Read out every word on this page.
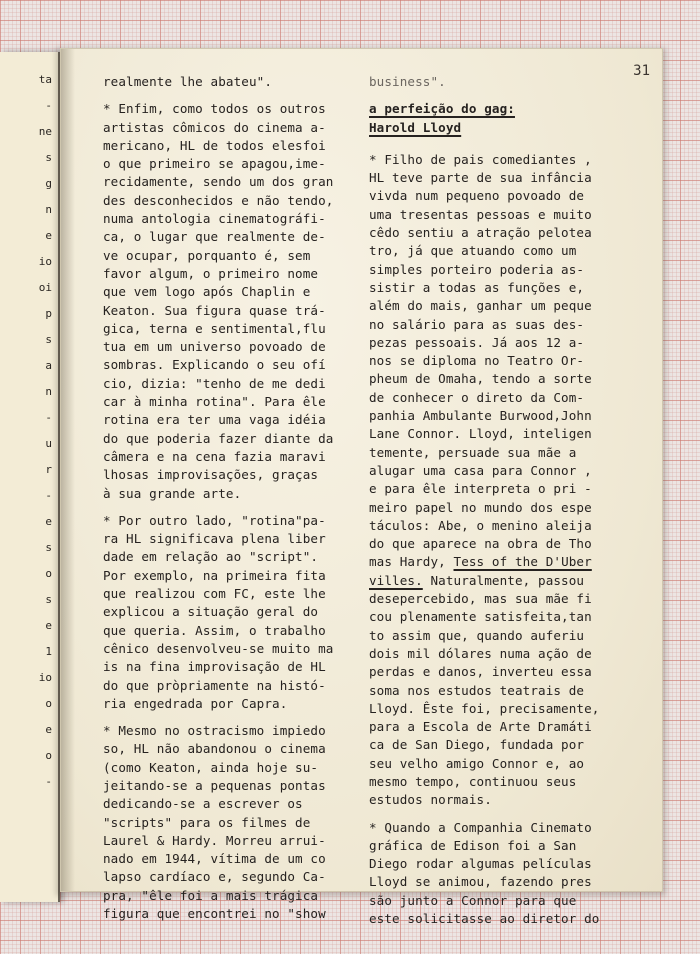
ta
-
ne
s
g
n
e
io
oi
p
s
a
n
-
u
r
-
e
s
o
s
e
1
io
o
e
o
-
31

realmente lhe abateu".

* Enfim, como todos os outros
artistas cômicos do cinema a-
mericano, HL de todos elesfoi
o que primeiro se apagou,ime-
recidamente, sendo um dos gran
des desconhecidos e não tendo,
numa antologia cinematográfi-
ca, o lugar que realmente de-
ve ocupar, porquanto é, sem
favor algum, o primeiro nome
que vem logo após Chaplin e
Keaton. Sua figura quase trá-
gica, terna e sentimental,flu
tua em um universo povoado de
sombras. Explicando o seu ofí
cio, dizia: "tenho de me dedi
car à minha rotina". Para êle
rotina era ter uma vaga idéia
do que poderia fazer diante da
câmera e na cena fazia maravi
lhosas improvisações, graças
à sua grande arte.

* Por outro lado, "rotina"pa-
ra HL significava plena liber
dade em relação ao "script".
Por exemplo, na primeira fita
que realizou com FC, este lhe
explicou a situação geral do
que queria. Assim, o trabalho
cênico desenvolveu-se muito ma
is na fina improvisação de HL
do que pròpriamente na histó-
ria engedrada por Capra.

* Mesmo no ostracismo impiedo
so, HL não abandonou o cinema
(como Keaton, ainda hoje su-
jeitando-se a pequenas pontas
dedicando-se a escrever os
"scripts" para os filmes de
Laurel & Hardy. Morreu arrui-
nado em 1944, vítima de um co
lapso cardíaco e, segundo Ca-
pra, "êle foi a mais trágica
figura que encontrei no "show

business".

a perfeição do gag:
Harold Lloyd

* Filho de pais comediantes ,
HL teve parte de sua infância
vivda num pequeno povoado de
uma tresentas pessoas e muito
cêdo sentiu a atração pelotea
tro, já que atuando como um
simples porteiro poderia as-
sistir a todas as funções e,
além do mais, ganhar um peque
no salário para as suas des-
pezas pessoais. Já aos 12 a-
nos se diploma no Teatro Or-
pheum de Omaha, tendo a sorte
de conhecer o direto da Com-
panhia Ambulante Burwood,John
Lane Connor. Lloyd, inteligen
temente, persuade sua mãe a
alugar uma casa para Connor ,
e para êle interpreta o pri -
meiro papel no mundo dos espe
táculos: Abe, o menino aleija
do que aparece na obra de Tho
mas Hardy, Tess of the D'Uber
villes. Naturalmente, passou
desepercebido, mas sua mãe fi
cou plenamente satisfeita,tan
to assim que, quando auferiu
dois mil dólares numa ação de
perdas e danos, inverteu essa
soma nos estudos teatrais de
Lloyd. Êste foi, precisamente,
para a Escola de Arte Dramáti
ca de San Diego, fundada por
seu velho amigo Connor e, ao
mesmo tempo, continuou seus
estudos normais.

* Quando a Companhia Cinemato
gráfica de Edison foi a San
Diego rodar algumas películas
Lloyd se animou, fazendo pres
são junto a Connor para que
este solicitasse ao diretor do
